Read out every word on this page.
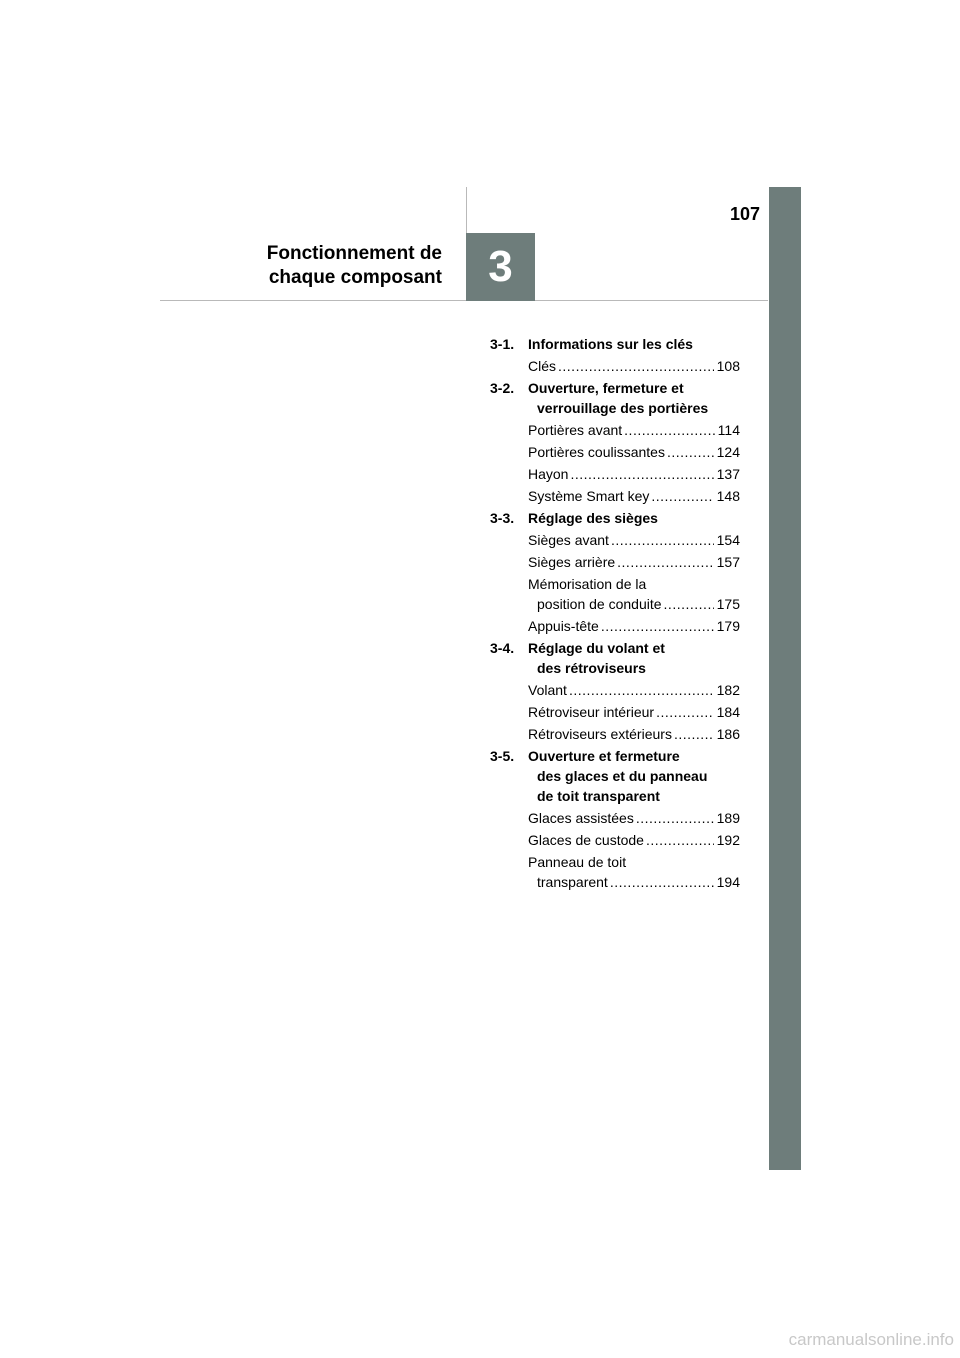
107
Fonctionnement de
chaque composant	3
3-1. Informations sur les clés
Clés .....	108
3-2. Ouverture, fermeture et
verrouillage des portières
Portières avant .....	114
Portières coulissantes .....	124
Hayon .....	137
Système Smart key .....	148
3-3. Réglage des sièges
Sièges avant .....	154
Sièges arrière .....	157
Mémorisation de la
position de conduite .....	175
Appuis-tête .....	179
3-4. Réglage du volant et
des rétroviseurs
Volant .....	182
Rétroviseur intérieur .....	184
Rétroviseurs extérieurs .....	186
3-5. Ouverture et fermeture
des glaces et du panneau
de toit transparent
Glaces assistées .....	189
Glaces de custode .....	192
Panneau de toit
transparent .....	194
carmanualsonline.info
